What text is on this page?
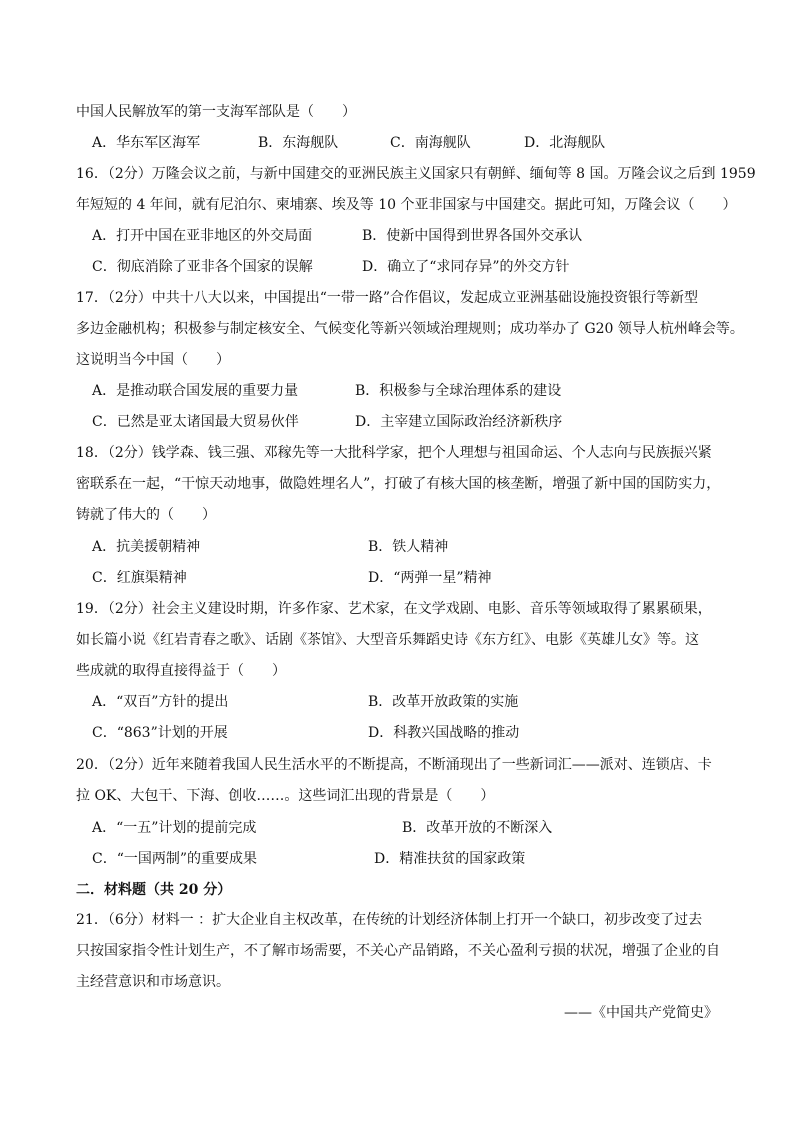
中国人民解放军的第一支海军部队是（　　）
A．华东军区海军	B．东海舰队	C．南海舰队	D．北海舰队
16．（2分）万隆会议之前，与新中国建交的亚洲民族主义国家只有朝鲜、缅甸等 8 国。万隆会议之后到 1959
年短短的 4 年间，就有尼泊尔、柬埔寨、埃及等 10 个亚非国家与中国建交。据此可知，万隆会议（　　）
A．打开中国在亚非地区的外交局面	B．使新中国得到世界各国外交承认
C．彻底消除了亚非各个国家的误解	D．确立了“求同存异”的外交方针
17．（2分）中共十八大以来，中国提出“一带一路”合作倡议，发起成立亚洲基础设施投资银行等新型
多边金融机构；积极参与制定核安全、气候变化等新兴领域治理规则；成功举办了 G20 领导人杭州峰会等。
这说明当今中国（　　）
A．是推动联合国发展的重要力量	B．积极参与全球治理体系的建设
C．已然是亚太诸国最大贸易伙伴	D．主宰建立国际政治经济新秩序
18．（2分）钱学森、钱三强、邓稼先等一大批科学家，把个人理想与祖国命运、个人志向与民族振兴紧
密联系在一起，“干惊天动地事，做隐姓埋名人”，打破了有核大国的核垄断，增强了新中国的国防实力，
铸就了伟大的（　　）
A．抗美援朝精神	B．铁人精神
C．红旗渠精神	D．“两弹一星”精神
19．（2分）社会主义建设时期，许多作家、艺术家，在文学戏剧、电影、音乐等领域取得了累累硕果，
如长篇小说《红岩青春之歌》、话剧《茶馆》、大型音乐舞蹈史诗《东方红》、电影《英雄儿女》等。这
些成就的取得直接得益于（　　）
A．“双百”方针的提出	B．改革开放政策的实施
C．“863”计划的开展	D．科教兴国战略的推动
20．（2分）近年来随着我国人民生活水平的不断提高，不断涌现出了一些新词汇——派对、连锁店、卡
拉 OK、大包干、下海、创收……。这些词汇出现的背景是（　　）
A．“一五”计划的提前完成	B．改革开放的不断深入
C．“一国两制”的重要成果	D．精准扶贫的国家政策
二．材料题（共 20 分）
21．（6分）材料一 ：扩大企业自主权改革，在传统的计划经济体制上打开一个缺口，初步改变了过去
只按国家指令性计划生产，不了解市场需要，不关心产品销路，不关心盈利亏损的状况，增强了企业的自
主经营意识和市场意识。
——《中国共产党简史》
